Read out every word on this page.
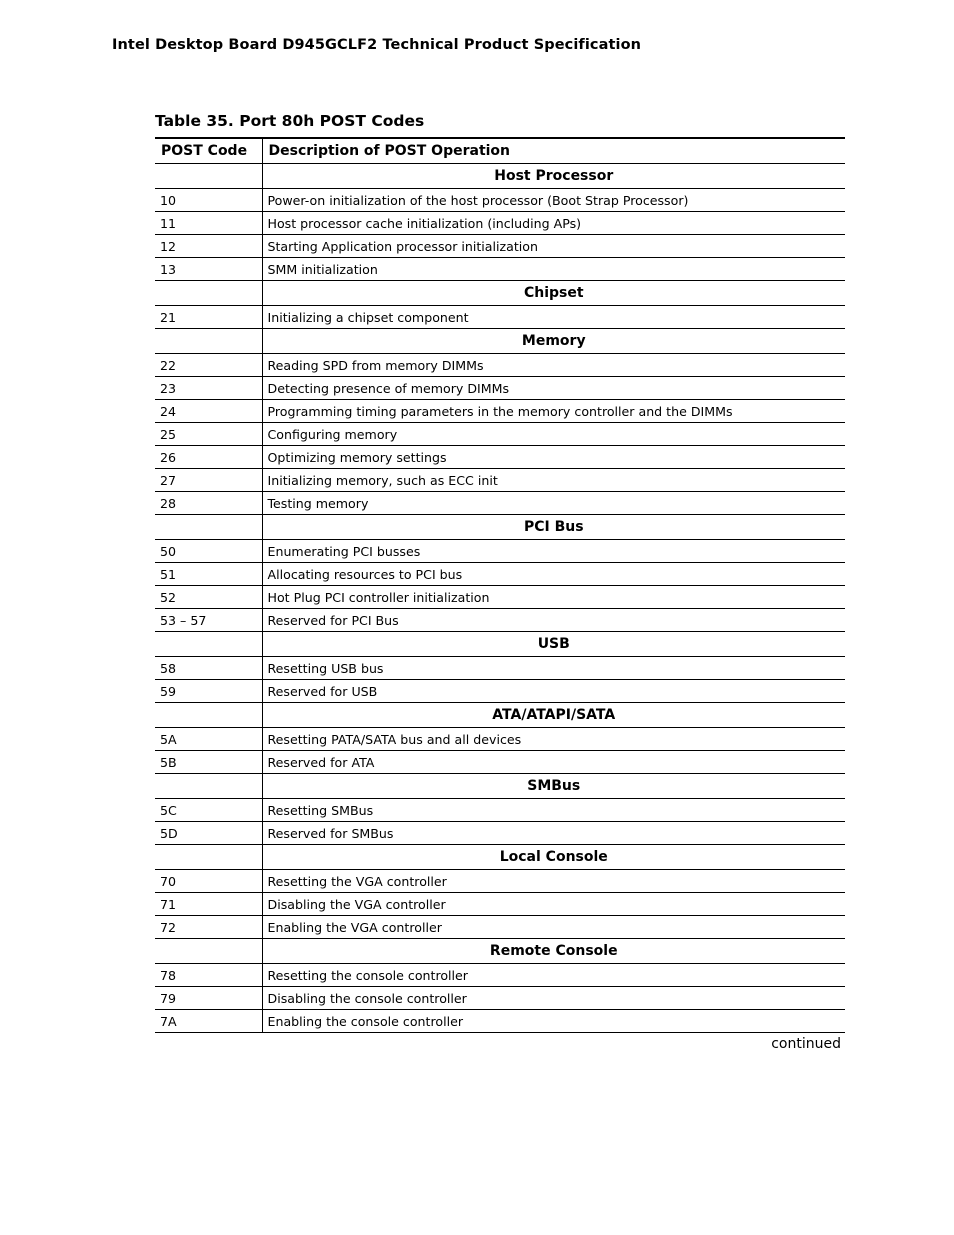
Intel Desktop Board D945GCLF2 Technical Product Specification
Table 35. Port 80h POST Codes
POST Code	Description of POST Operation
	Host Processor
10	Power-on initialization of the host processor (Boot Strap Processor)
11	Host processor cache initialization (including APs)
12	Starting Application processor initialization
13	SMM initialization
	Chipset
21	Initializing a chipset component
	Memory
22	Reading SPD from memory DIMMs
23	Detecting presence of memory DIMMs
24	Programming timing parameters in the memory controller and the DIMMs
25	Configuring memory
26	Optimizing memory settings
27	Initializing memory, such as ECC init
28	Testing memory
	PCI Bus
50	Enumerating PCI busses
51	Allocating resources to PCI bus
52	Hot Plug PCI controller initialization
53 – 57	Reserved for PCI Bus
	USB
58	Resetting USB bus
59	Reserved for USB
	ATA/ATAPI/SATA
5A	Resetting PATA/SATA bus and all devices
5B	Reserved for ATA
	SMBus
5C	Resetting SMBus
5D	Reserved for SMBus
	Local Console
70	Resetting the VGA controller
71	Disabling the VGA controller
72	Enabling the VGA controller
	Remote Console
78	Resetting the console controller
79	Disabling the console controller
7A	Enabling the console controller
continued
